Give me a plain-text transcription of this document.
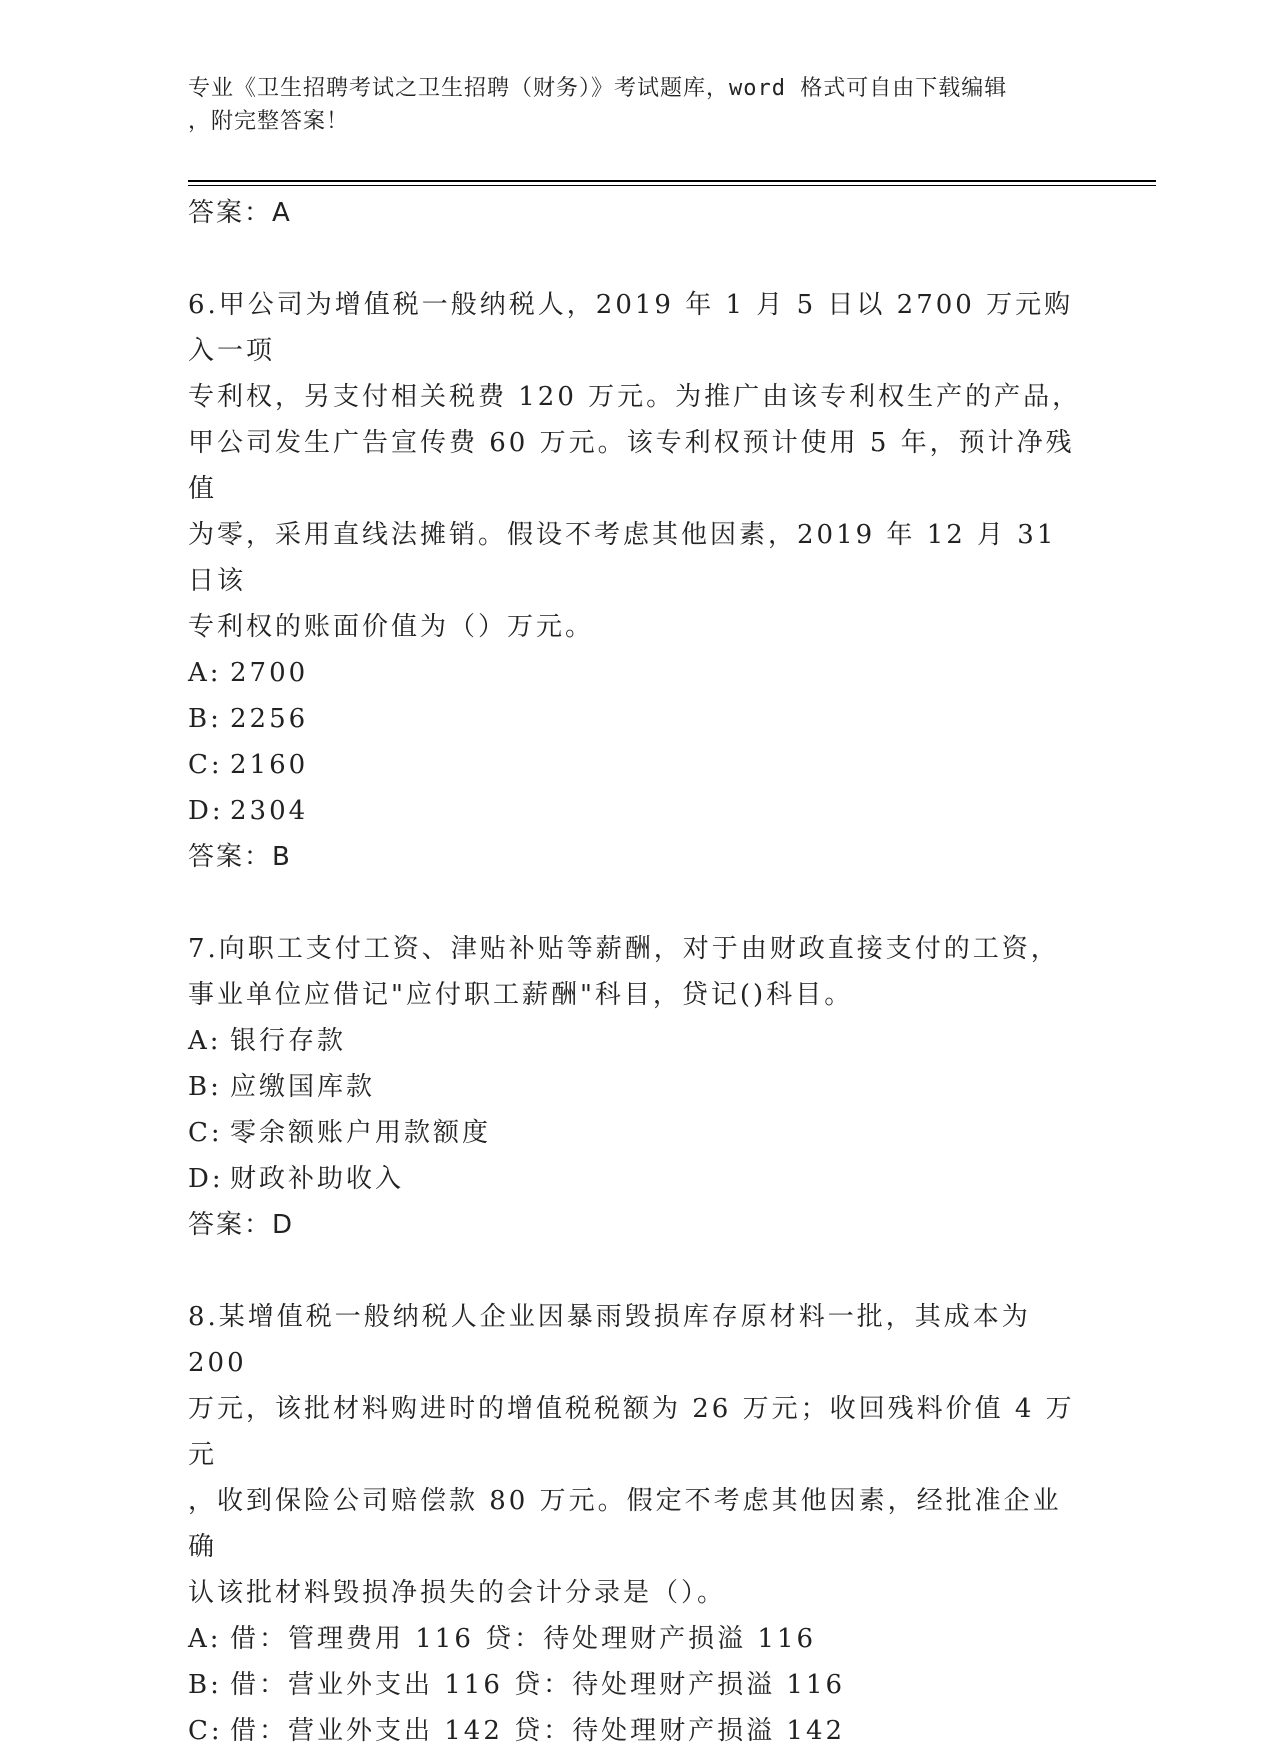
专业《卫生招聘考试之卫生招聘（财务）》考试题库，word 格式可自由下载编辑
，附完整答案！

答案：A

6.甲公司为增值税一般纳税人，2019 年 1 月 5 日以 2700 万元购入一项

专利权，另支付相关税费 120 万元。为推广由该专利权生产的产品，

甲公司发生广告宣传费 60 万元。该专利权预计使用 5 年，预计净残值

为零，采用直线法摊销。假设不考虑其他因素，2019 年 12 月 31 日该

专利权的账面价值为（）万元。

A: 2700

B: 2256

C: 2160

D: 2304

答案：B

7.向职工支付工资、津贴补贴等薪酬，对于由财政直接支付的工资，

事业单位应借记"应付职工薪酬"科目，贷记()科目。

A: 银行存款

B: 应缴国库款

C: 零余额账户用款额度

D: 财政补助收入

答案：D

8.某增值税一般纳税人企业因暴雨毁损库存原材料一批，其成本为 200

万元，该批材料购进时的增值税税额为 26 万元；收回残料价值 4 万元

，收到保险公司赔偿款 80 万元。假定不考虑其他因素，经批准企业确

认该批材料毁损净损失的会计分录是（）。

A: 借：管理费用 116 贷：待处理财产损溢 116

B: 借：营业外支出 116 贷：待处理财产损溢 116

C: 借：营业外支出 142 贷：待处理财产损溢 142
